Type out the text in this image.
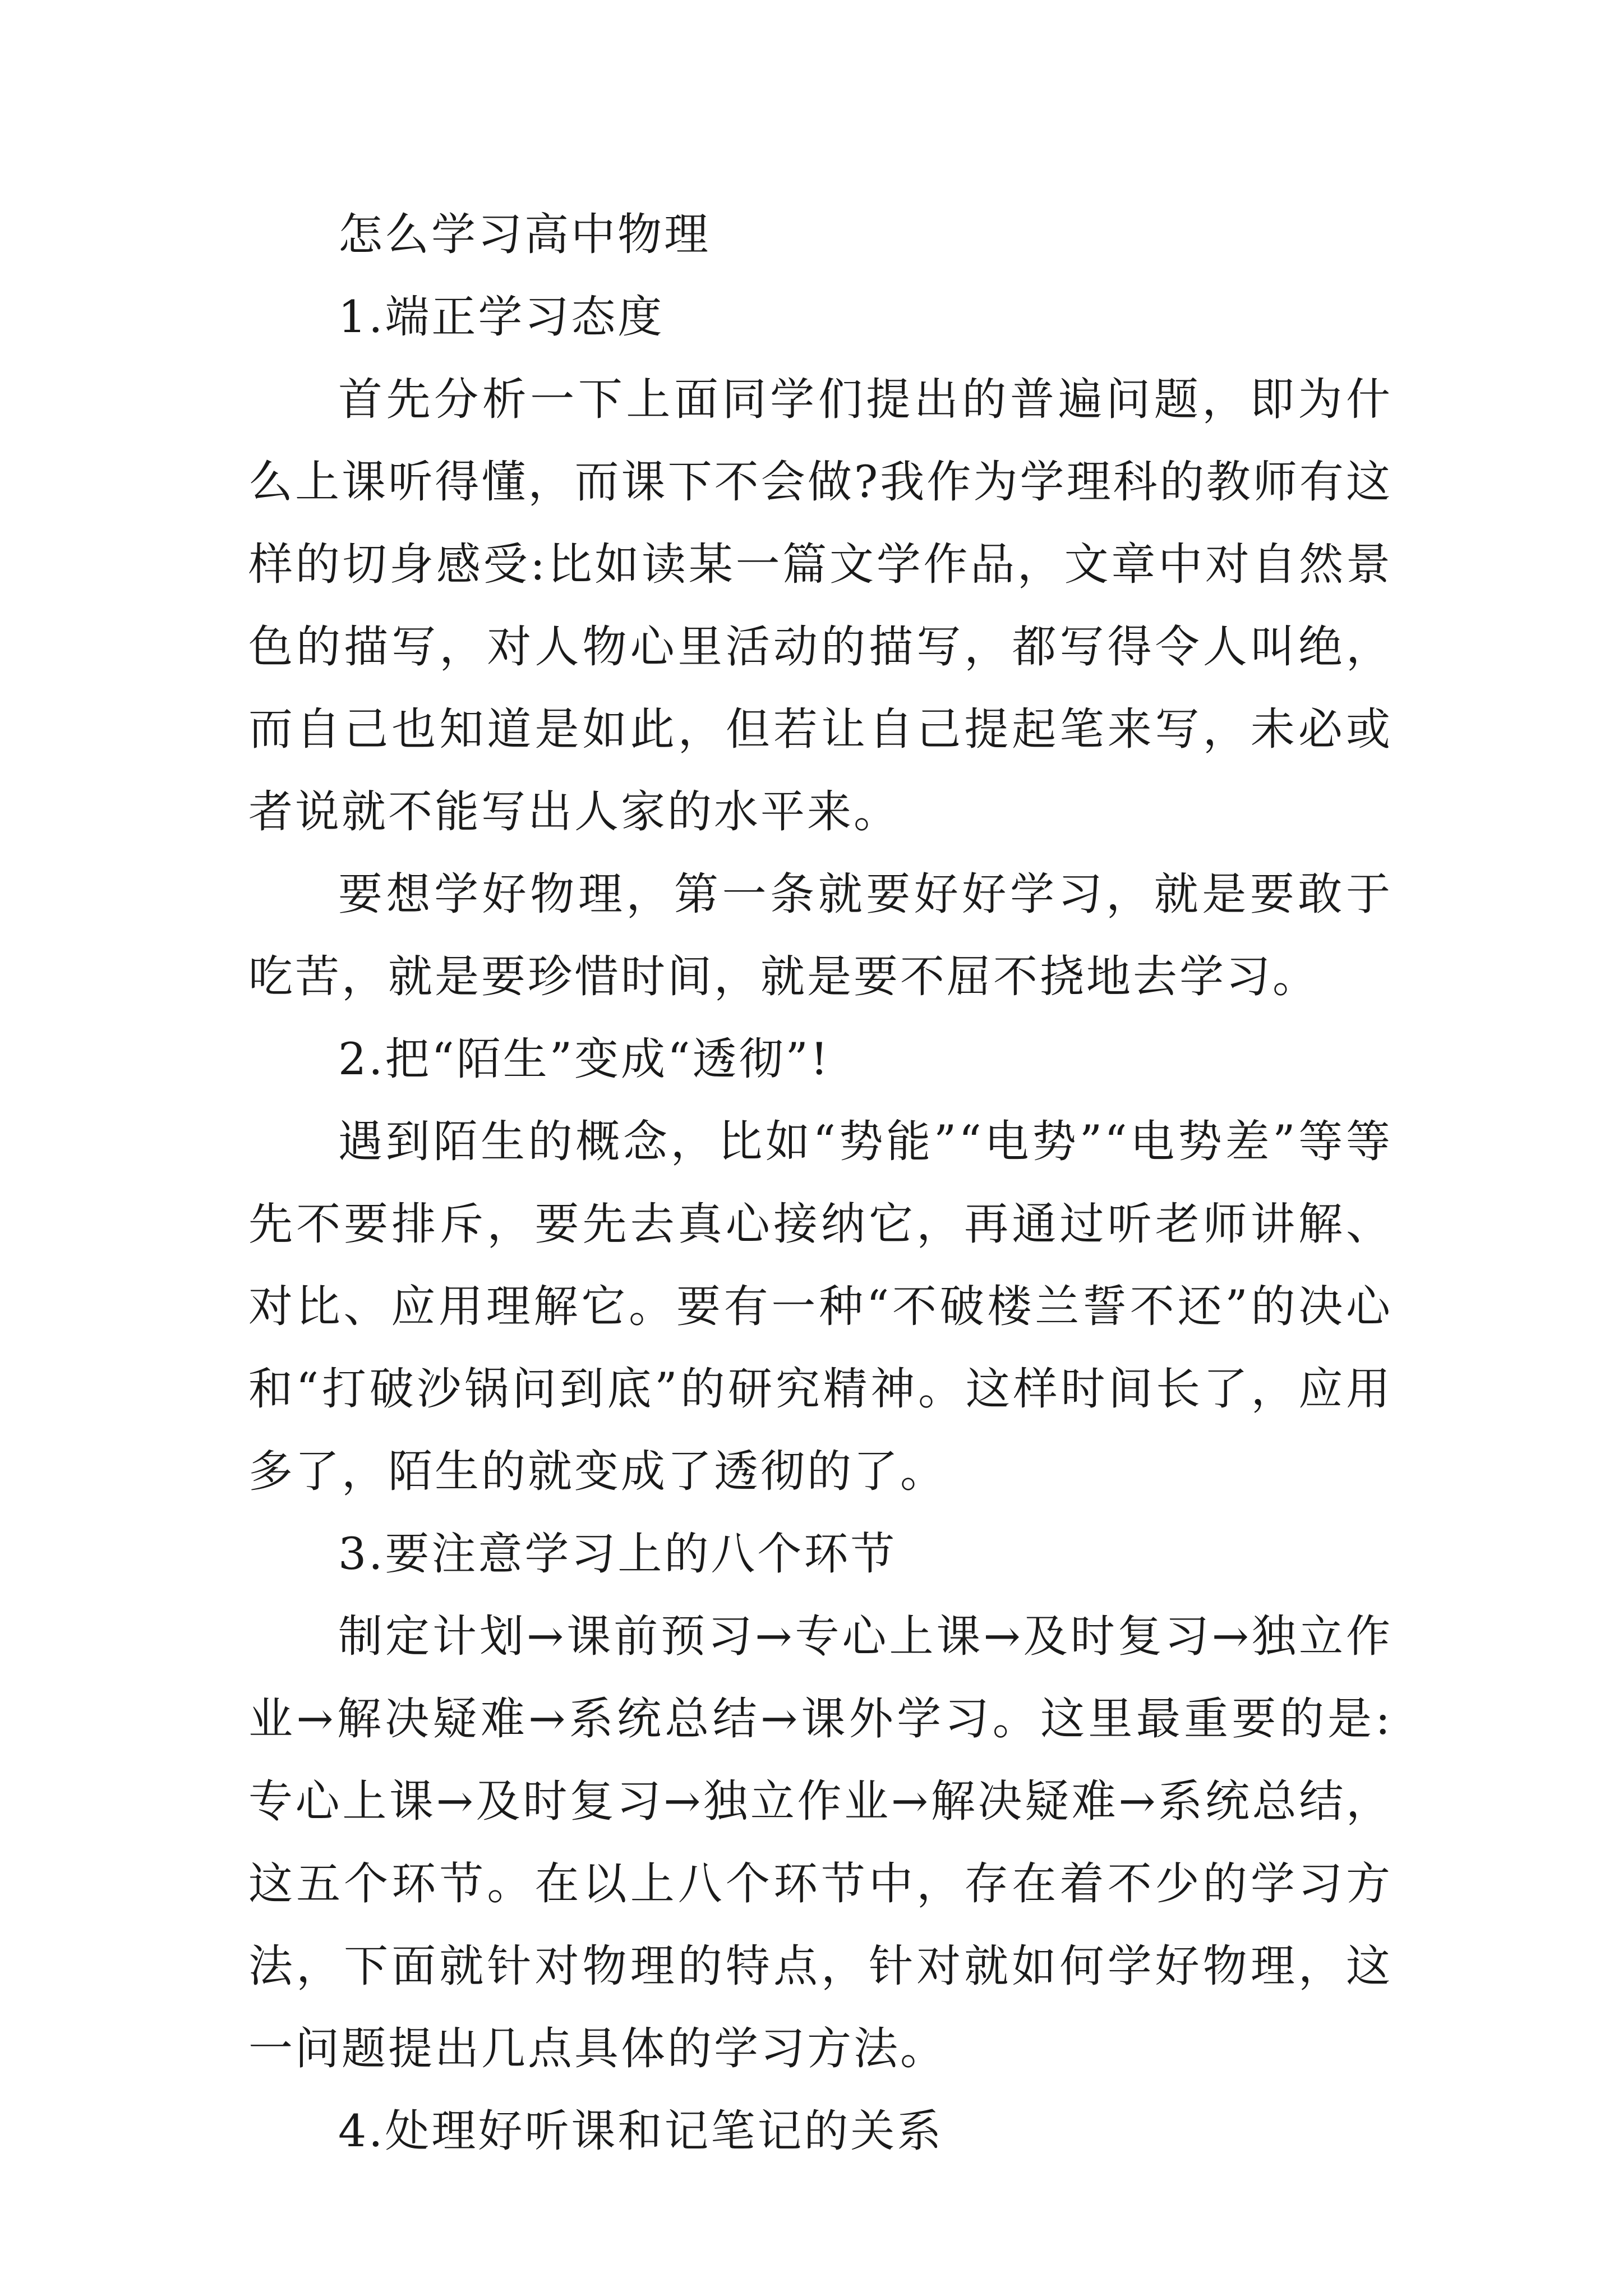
怎么学习高中物理

1.端正学习态度

首先分析一下上面同学们提出的普遍问题，即为什么上课听得懂，而课下不会做?我作为学理科的教师有这样的切身感受:比如读某一篇文学作品，文章中对自然景色的描写，对人物心里活动的描写，都写得令人叫绝，而自己也知道是如此，但若让自己提起笔来写，未必或者说就不能写出人家的水平来。

要想学好物理，第一条就要好好学习，就是要敢于吃苦，就是要珍惜时间，就是要不屈不挠地去学习。

2.把“陌生”变成“透彻”!

遇到陌生的概念，比如“势能”“电势”“电势差”等等先不要排斥，要先去真心接纳它，再通过听老师讲解、对比、应用理解它。要有一种“不破楼兰誓不还”的决心和“打破沙锅问到底”的研究精神。这样时间长了，应用多了，陌生的就变成了透彻的了。

3.要注意学习上的八个环节

制定计划→课前预习→专心上课→及时复习→独立作业→解决疑难→系统总结→课外学习。这里最重要的是:专心上课→及时复习→独立作业→解决疑难→系统总结，这五个环节。在以上八个环节中，存在着不少的学习方法，下面就针对物理的特点，针对就如何学好物理，这一问题提出几点具体的学习方法。

4.处理好听课和记笔记的关系
